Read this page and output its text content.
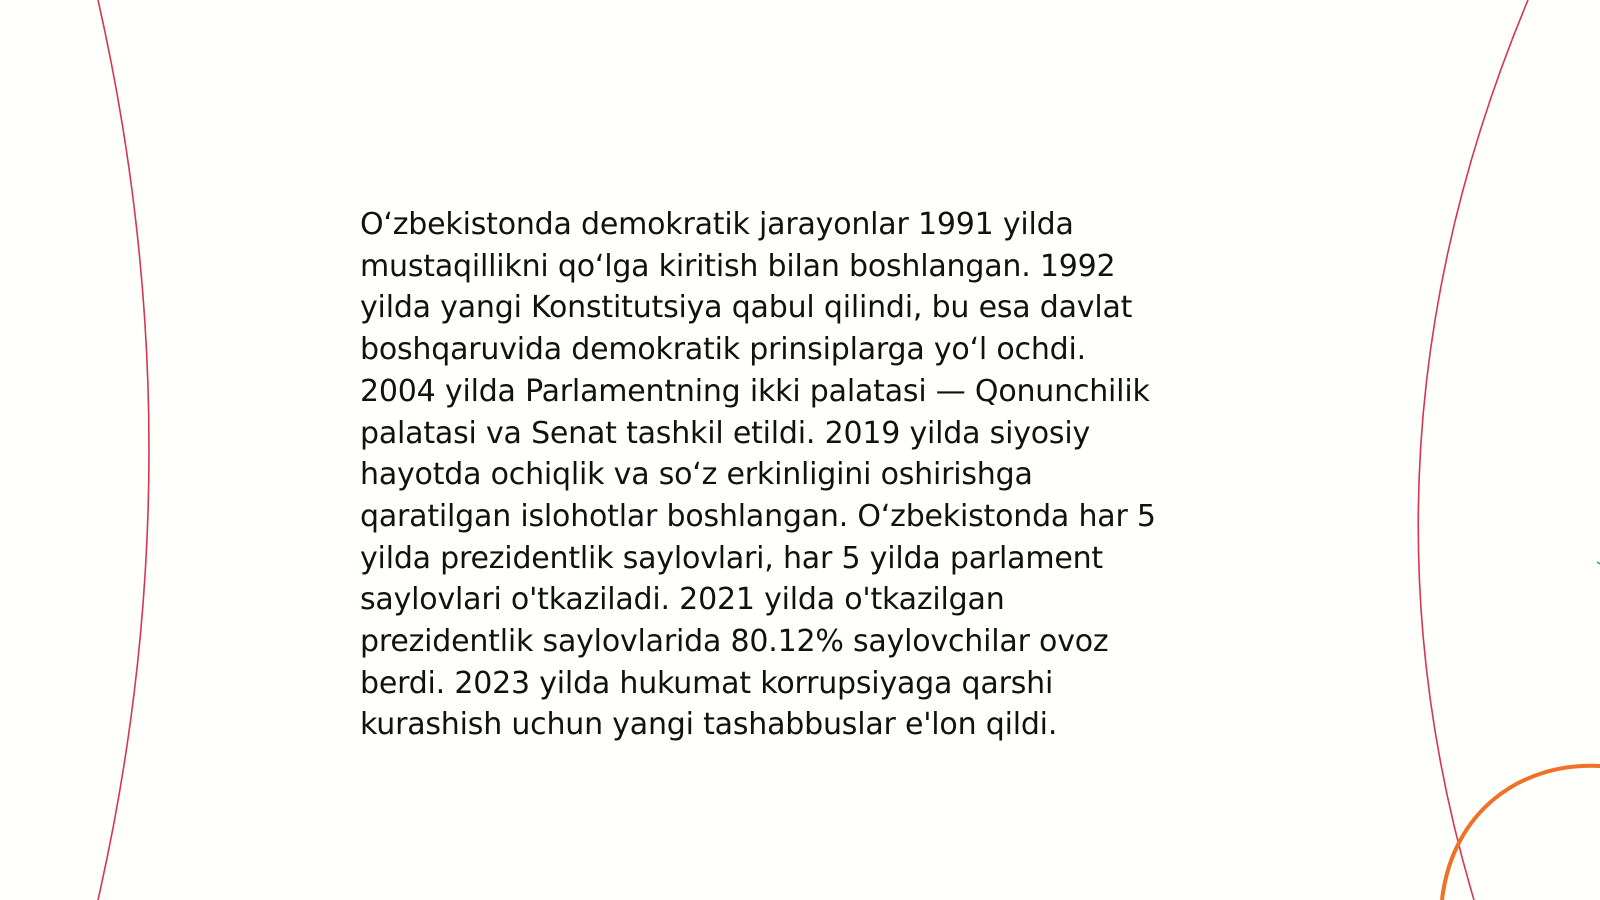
O‘zbekistonda demokratik jarayonlar 1991 yilda
mustaqillikni qo‘lga kiritish bilan boshlangan. 1992
yilda yangi Konstitutsiya qabul qilindi, bu esa davlat
boshqaruvida demokratik prinsiplarga yo‘l ochdi.
2004 yilda Parlamentning ikki palatasi — Qonunchilik
palatasi va Senat tashkil etildi. 2019 yilda siyosiy
hayotda ochiqlik va so‘z erkinligini oshirishga
qaratilgan islohotlar boshlangan. O‘zbekistonda har 5
yilda prezidentlik saylovlari, har 5 yilda parlament
saylovlari o'tkaziladi. 2021 yilda o'tkazilgan
prezidentlik saylovlarida 80.12% saylovchilar ovoz
berdi. 2023 yilda hukumat korrupsiyaga qarshi
kurashish uchun yangi tashabbuslar e'lon qildi.
